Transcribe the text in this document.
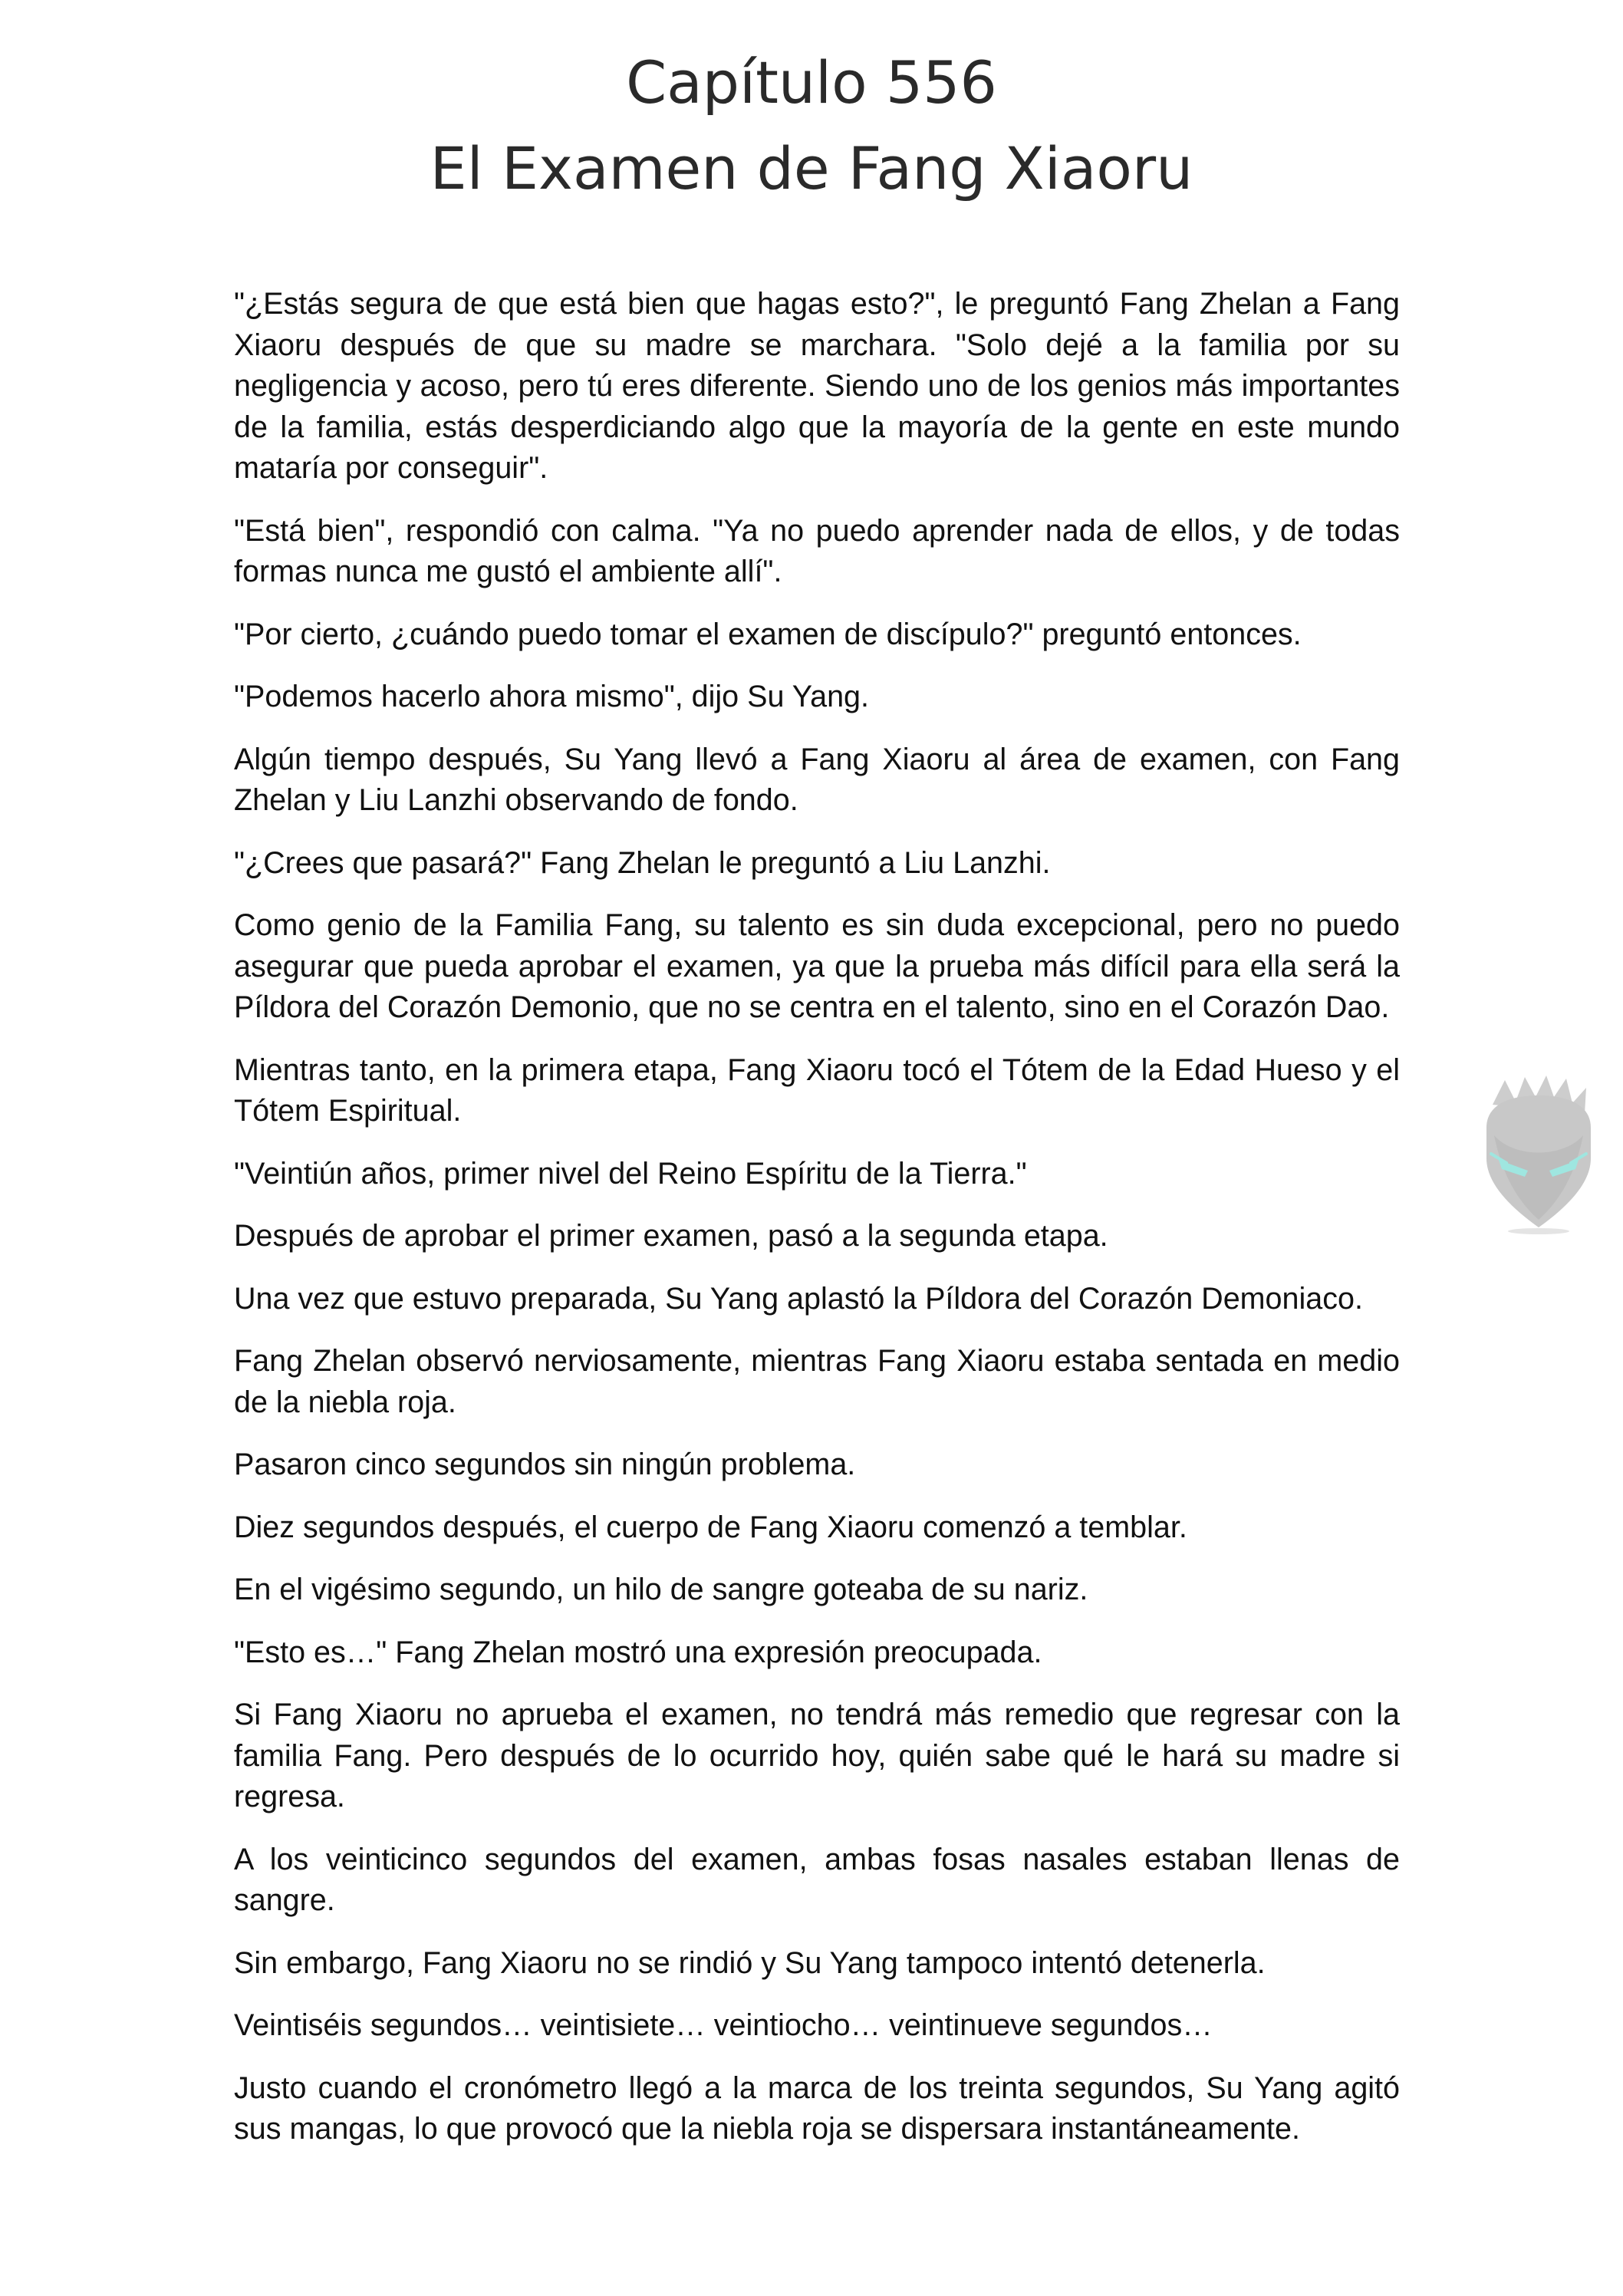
Capítulo 556
El Examen de Fang Xiaoru

"¿Estás segura de que está bien que hagas esto?", le preguntó Fang Zhelan a Fang Xiaoru después de que su madre se marchara. "Solo dejé a la familia por su negligencia y acoso, pero tú eres diferente. Siendo uno de los genios más importantes de la familia, estás desperdiciando algo que la mayoría de la gente en este mundo mataría por conseguir".

"Está bien", respondió con calma. "Ya no puedo aprender nada de ellos, y de todas formas nunca me gustó el ambiente allí".

"Por cierto, ¿cuándo puedo tomar el examen de discípulo?" preguntó entonces.

"Podemos hacerlo ahora mismo", dijo Su Yang.

Algún tiempo después, Su Yang llevó a Fang Xiaoru al área de examen, con Fang Zhelan y Liu Lanzhi observando de fondo.

"¿Crees que pasará?" Fang Zhelan le preguntó a Liu Lanzhi.

Como genio de la Familia Fang, su talento es sin duda excepcional, pero no puedo asegurar que pueda aprobar el examen, ya que la prueba más difícil para ella será la Píldora del Corazón Demonio, que no se centra en el talento, sino en el Corazón Dao.

Mientras tanto, en la primera etapa, Fang Xiaoru tocó el Tótem de la Edad Hueso y el Tótem Espiritual.

"Veintiún años, primer nivel del Reino Espíritu de la Tierra."

Después de aprobar el primer examen, pasó a la segunda etapa.

Una vez que estuvo preparada, Su Yang aplastó la Píldora del Corazón Demoniaco.

Fang Zhelan observó nerviosamente, mientras Fang Xiaoru estaba sentada en medio de la niebla roja.

Pasaron cinco segundos sin ningún problema.

Diez segundos después, el cuerpo de Fang Xiaoru comenzó a temblar.

En el vigésimo segundo, un hilo de sangre goteaba de su nariz.

"Esto es…" Fang Zhelan mostró una expresión preocupada.

Si Fang Xiaoru no aprueba el examen, no tendrá más remedio que regresar con la familia Fang. Pero después de lo ocurrido hoy, quién sabe qué le hará su madre si regresa.

A los veinticinco segundos del examen, ambas fosas nasales estaban llenas de sangre.

Sin embargo, Fang Xiaoru no se rindió y Su Yang tampoco intentó detenerla.

Veintiséis segundos… veintisiete… veintiocho… veintinueve segundos…

Justo cuando el cronómetro llegó a la marca de los treinta segundos, Su Yang agitó sus mangas, lo que provocó que la niebla roja se dispersara instantáneamente.
